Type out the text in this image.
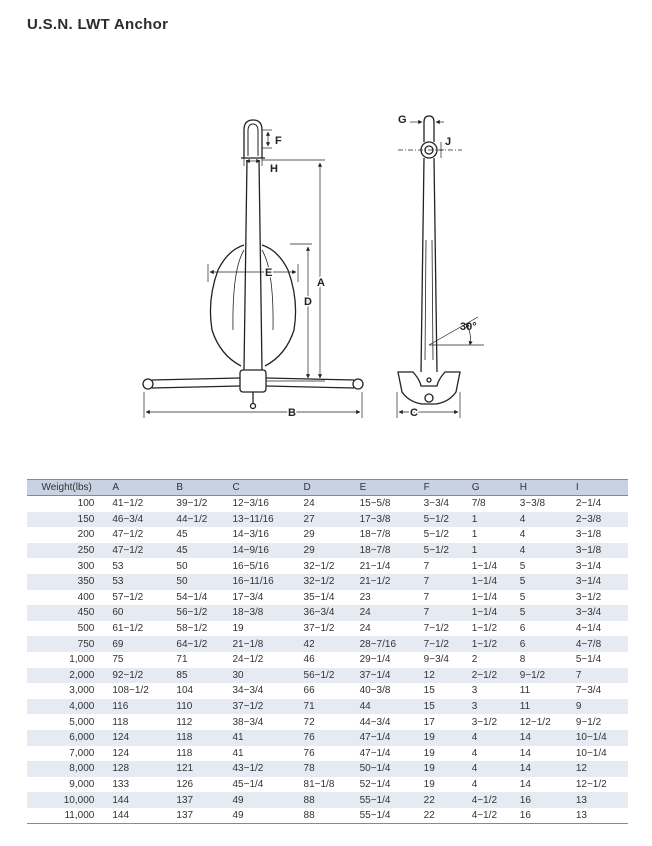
U.S.N. LWT Anchor
F
H
A
D
E
B
G
J
30°
C
Weight(lbs)	A	B	C	D	E	F	G	H	I
100	41−1/2	39−1/2	12−3/16	24	15−5/8	3−3/4	7/8	3−3/8	2−1/4
150	46−3/4	44−1/2	13−11/16	27	17−3/8	5−1/2	1	4	2−3/8
200	47−1/2	45	14−3/16	29	18−7/8	5−1/2	1	4	3−1/8
250	47−1/2	45	14−9/16	29	18−7/8	5−1/2	1	4	3−1/8
300	53	50	16−5/16	32−1/2	21−1/4	7	1−1/4	5	3−1/4
350	53	50	16−11/16	32−1/2	21−1/2	7	1−1/4	5	3−1/4
400	57−1/2	54−1/4	17−3/4	35−1/4	23	7	1−1/4	5	3−1/2
450	60	56−1/2	18−3/8	36−3/4	24	7	1−1/4	5	3−3/4
500	61−1/2	58−1/2	19	37−1/2	24	7−1/2	1−1/2	6	4−1/4
750	69	64−1/2	21−1/8	42	28−7/16	7−1/2	1−1/2	6	4−7/8
1,000	75	71	24−1/2	46	29−1/4	9−3/4	2	8	5−1/4
2,000	92−1/2	85	30	56−1/2	37−1/4	12	2−1/2	9−1/2	7
3,000	108−1/2	104	34−3/4	66	40−3/8	15	3	11	7−3/4
4,000	116	110	37−1/2	71	44	15	3	11	9
5,000	118	112	38−3/4	72	44−3/4	17	3−1/2	12−1/2	9−1/2
6,000	124	118	41	76	47−1/4	19	4	14	10−1/4
7,000	124	118	41	76	47−1/4	19	4	14	10−1/4
8,000	128	121	43−1/2	78	50−1/4	19	4	14	12
9,000	133	126	45−1/4	81−1/8	52−1/4	19	4	14	12−1/2
10,000	144	137	49	88	55−1/4	22	4−1/2	16	13
11,000	144	137	49	88	55−1/4	22	4−1/2	16	13
